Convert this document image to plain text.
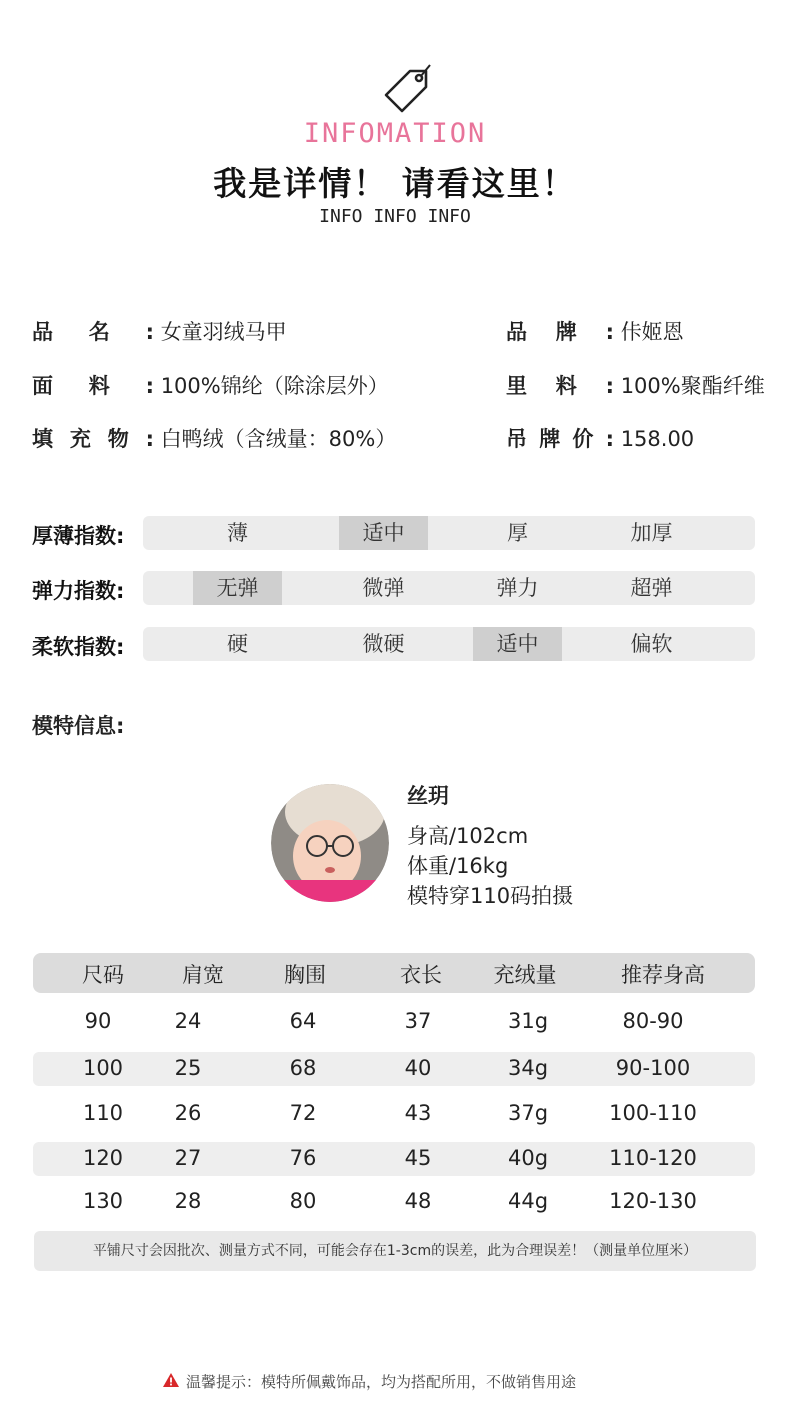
INFOMATION
我是详情！ 请看这里！
INFO INFO INFO
品名: 女童羽绒马甲
面料: 100%锦纶（除涂层外）
填充物: 白鸭绒（含绒量：80%）
品牌: 佧姬恩
里料: 100%聚酯纤维
吊牌价: 158.00
厚薄指数:	薄	适中	厚	加厚
弹力指数:	无弹	微弹	弹力	超弹
柔软指数:	硬	微硬	适中	偏软
模特信息:
丝玥
身高/102cm
体重/16kg
模特穿110码拍摄
尺码	肩宽	胸围	衣长	充绒量	推荐身高
90	24	64	37	31g	80-90
100	25	68	40	34g	90-100
110	26	72	43	37g	100-110
120	27	76	45	40g	110-120
130	28	80	48	44g	120-130
平铺尺寸会因批次、测量方式不同，可能会存在1-3cm的误差，此为合理误差！（测量单位厘米）
温馨提示：模特所佩戴饰品，均为搭配所用，不做销售用途
